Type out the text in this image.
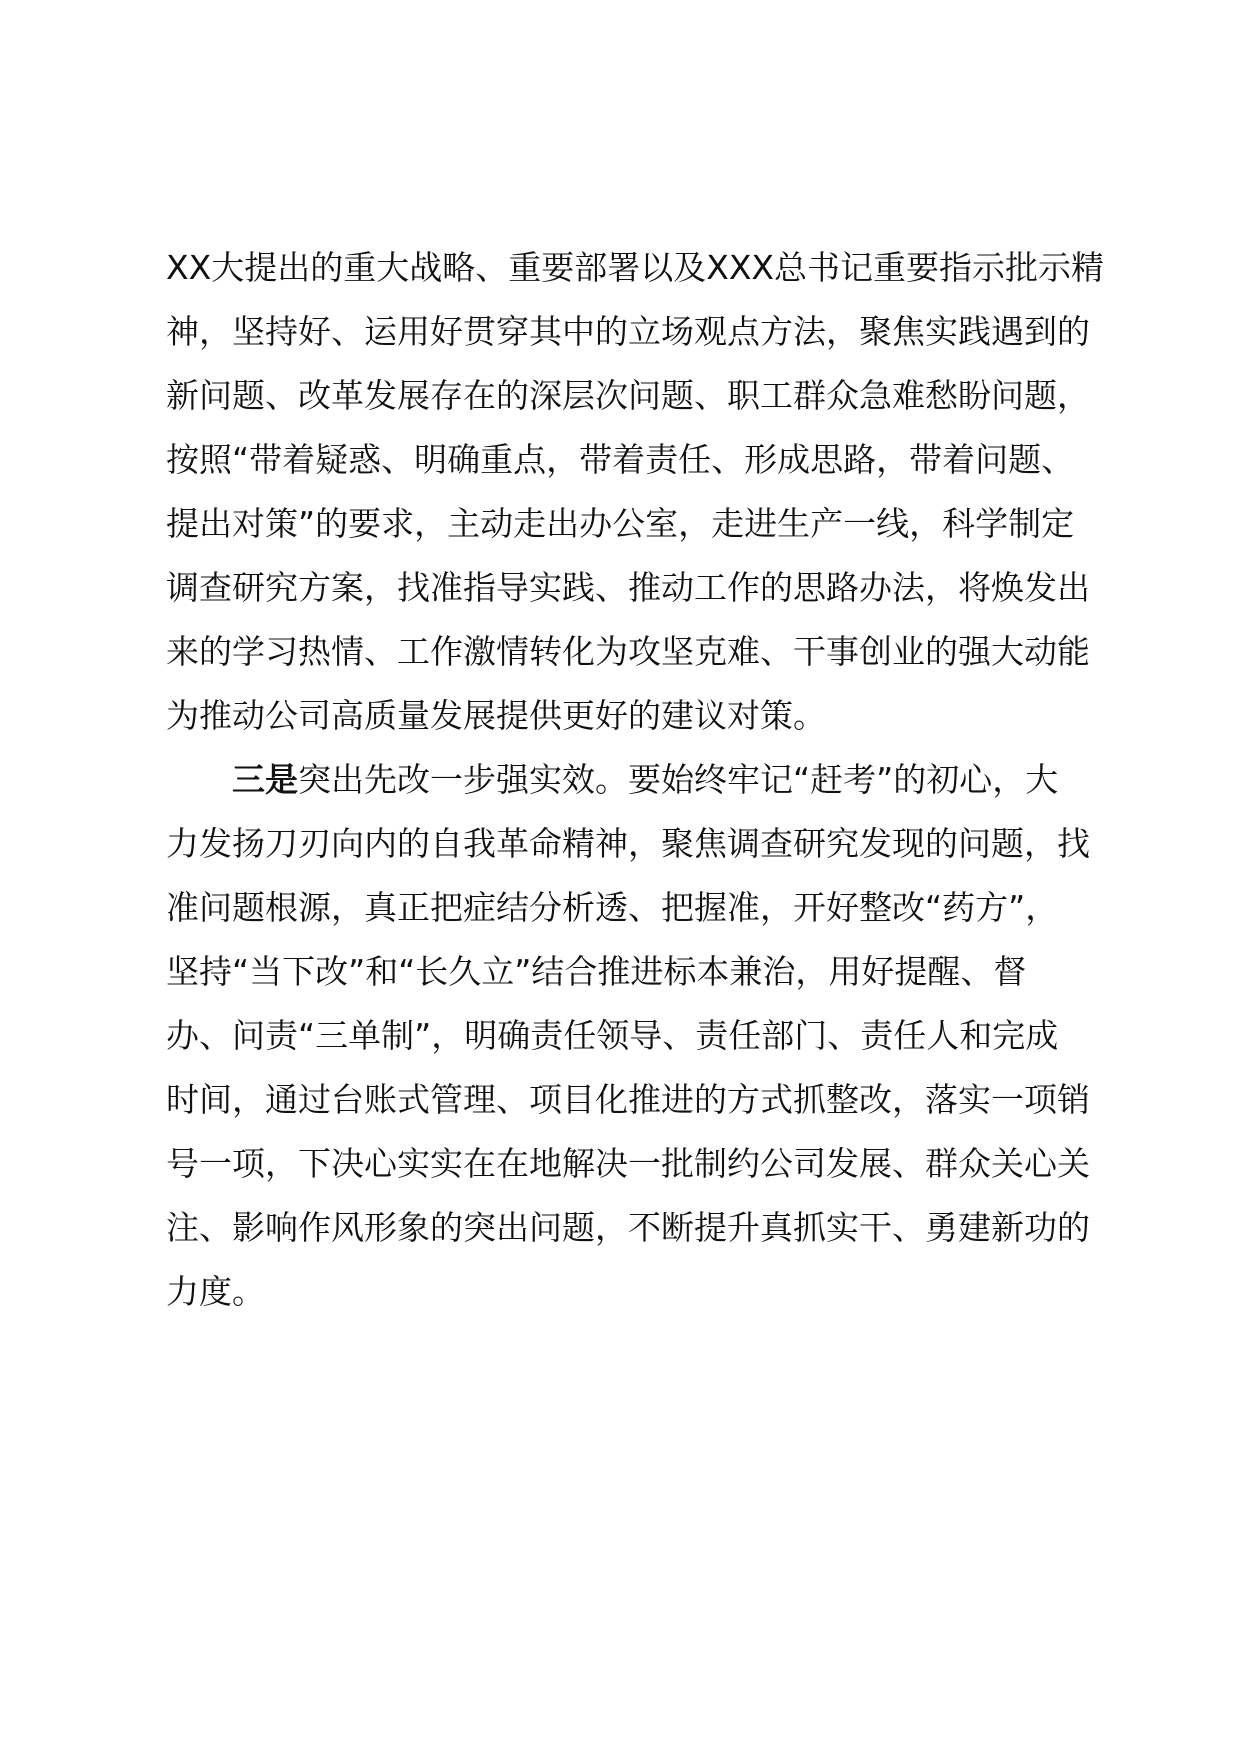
XX大提出的重大战略、重要部署以及XXX总书记重要指示批示精
神，坚持好、运用好贯穿其中的立场观点方法，聚焦实践遇到的
新问题、改革发展存在的深层次问题、职工群众急难愁盼问题，
按照“带着疑惑、明确重点，带着责任、形成思路，带着问题、
提出对策”的要求，主动走出办公室，走进生产一线，科学制定
调查研究方案，找准指导实践、推动工作的思路办法，将焕发出
来的学习热情、工作激情转化为攻坚克难、干事创业的强大动能
为推动公司高质量发展提供更好的建议对策。
三是突出先改一步强实效。要始终牢记“赶考”的初心，大
力发扬刀刃向内的自我革命精神，聚焦调查研究发现的问题，找
准问题根源，真正把症结分析透、把握准，开好整改“药方”，
坚持“当下改”和“长久立”结合推进标本兼治，用好提醒、督
办、问责“三单制”，明确责任领导、责任部门、责任人和完成
时间，通过台账式管理、项目化推进的方式抓整改，落实一项销
号一项，下决心实实在在地解决一批制约公司发展、群众关心关
注、影响作风形象的突出问题，不断提升真抓实干、勇建新功的
力度。
